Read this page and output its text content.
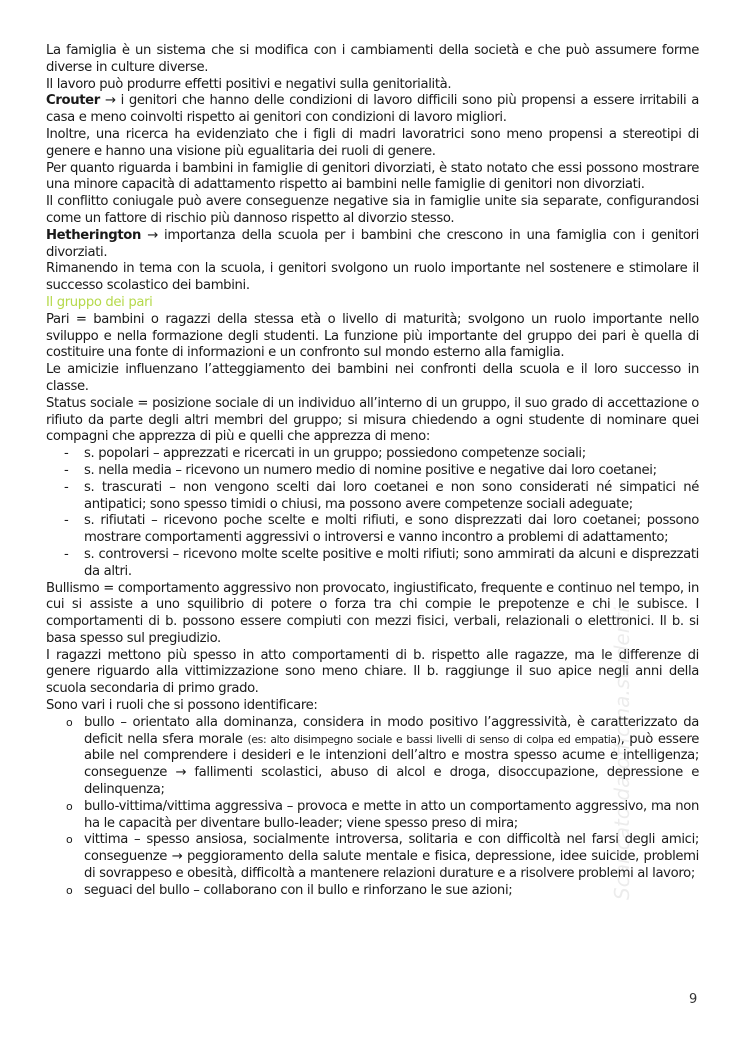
La famiglia è un sistema che si modifica con i cambiamenti della società e che può assumere forme diverse in culture diverse.

Il lavoro può produrre effetti positivi e negativi sulla genitorialità.

Crouter → i genitori che hanno delle condizioni di lavoro difficili sono più propensi a essere irritabili a casa e meno coinvolti rispetto ai genitori con condizioni di lavoro migliori.

Inoltre, una ricerca ha evidenziato che i figli di madri lavoratrici sono meno propensi a stereotipi di genere e hanno una visione più egualitaria dei ruoli di genere.

Per quanto riguarda i bambini in famiglie di genitori divorziati, è stato notato che essi possono mostrare una minore capacità di adattamento rispetto ai bambini nelle famiglie di genitori non divorziati.

Il conflitto coniugale può avere conseguenze negative sia in famiglie unite sia separate, configurandosi come un fattore di rischio più dannoso rispetto al divorzio stesso.

Hetherington → importanza della scuola per i bambini che crescono in una famiglia con i genitori divorziati.

Rimanendo in tema con la scuola, i genitori svolgono un ruolo importante nel sostenere e stimolare il successo scolastico dei bambini.

Il gruppo dei pari

Pari = bambini o ragazzi della stessa età o livello di maturità; svolgono un ruolo importante nello sviluppo e nella formazione degli studenti. La funzione più importante del gruppo dei pari è quella di costituire una fonte di informazioni e un confronto sul mondo esterno alla famiglia.

Le amicizie influenzano l’atteggiamento dei bambini nei confronti della scuola e il loro successo in classe.

Status sociale = posizione sociale di un individuo all’interno di un gruppo, il suo grado di accettazione o rifiuto da parte degli altri membri del gruppo; si misura chiedendo a ogni studente di nominare quei compagni che apprezza di più e quelli che apprezza di meno:

- s. popolari – apprezzati e ricercati in un gruppo; possiedono competenze sociali;
- s. nella media – ricevono un numero medio di nomine positive e negative dai loro coetanei;
- s. trascurati – non vengono scelti dai loro coetanei e non sono considerati né simpatici né antipatici; sono spesso timidi o chiusi, ma possono avere competenze sociali adeguate;
- s. rifiutati – ricevono poche scelte e molti rifiuti, e sono disprezzati dai loro coetanei; possono mostrare comportamenti aggressivi o introversi e vanno incontro a problemi di adattamento;
- s. controversi – ricevono molte scelte positive e molti rifiuti; sono ammirati da alcuni e disprezzati da altri.

Bullismo = comportamento aggressivo non provocato, ingiustificato, frequente e continuo nel tempo, in cui si assiste a uno squilibrio di potere o forza tra chi compie le prepotenze e chi le subisce. I comportamenti di b. possono essere compiuti con mezzi fisici, verbali, relazionali o elettronici. Il b. si basa spesso sul pregiudizio.

I ragazzi mettono più spesso in atto comportamenti di b. rispetto alle ragazze, ma le differenze di genere riguardo alla vittimizzazione sono meno chiare. Il b. raggiunge il suo apice negli anni della scuola secondaria di primo grado.

Sono vari i ruoli che si possono identificare:

o bullo – orientato alla dominanza, considera in modo positivo l’aggressività, è caratterizzato da deficit nella sfera morale (es: alto disimpegno sociale e bassi livelli di senso di colpa ed empatia), può essere abile nel comprendere i desideri e le intenzioni dell’altro e mostra spesso acume e intelligenza; conseguenze → fallimenti scolastici, abuso di alcol e droga, disoccupazione, depressione e delinquenza;
o bullo-vittima/vittima aggressiva – provoca e mette in atto un comportamento aggressivo, ma non ha le capacità per diventare bullo-leader; viene spesso preso di mira;
o vittima – spesso ansiosa, socialmente introversa, solitaria e con difficoltà nel farsi degli amici; conseguenze → peggioramento della salute mentale e fisica, depressione, idee suicide, problemi di sovrappeso e obesità, difficoltà a mantenere relazioni durature e a risolvere problemi al lavoro;
o seguaci del bullo – collaborano con il bullo e rinforzano le sue azioni;	Scaricato da officina.studenti
9
